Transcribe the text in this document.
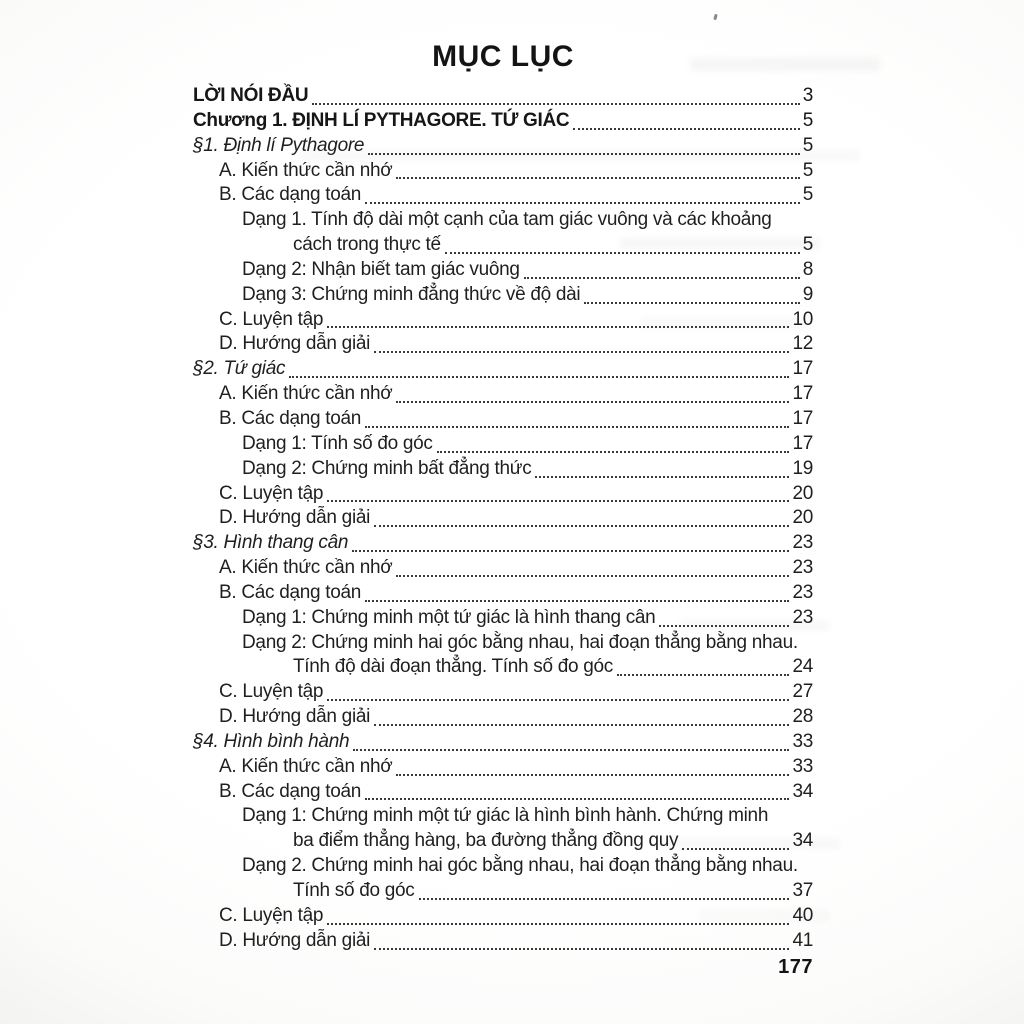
MỤC LỤC
LỜI NÓI ĐẦU	3
Chương 1. ĐỊNH LÍ PYTHAGORE. TỨ GIÁC	5
§1. Định lí Pythagore	5
A. Kiến thức cần nhớ	5
B. Các dạng toán	5
Dạng 1. Tính độ dài một cạnh của tam giác vuông và các khoảng
cách trong thực tế	5
Dạng 2: Nhận biết tam giác vuông	8
Dạng 3: Chứng minh đẳng thức về độ dài	9
C. Luyện tập	10
D. Hướng dẫn giải	12
§2. Tứ giác	17
A. Kiến thức cần nhớ	17
B. Các dạng toán	17
Dạng 1: Tính số đo góc	17
Dạng 2: Chứng minh bất đẳng thức	19
C. Luyện tập	20
D. Hướng dẫn giải	20
§3. Hình thang cân	23
A. Kiến thức cần nhớ	23
B. Các dạng toán	23
Dạng 1: Chứng minh một tứ giác là hình thang cân	23
Dạng 2: Chứng minh hai góc bằng nhau, hai đoạn thẳng bằng nhau.
Tính độ dài đoạn thẳng. Tính số đo góc	24
C. Luyện tập	27
D. Hướng dẫn giải	28
§4. Hình bình hành	33
A. Kiến thức cần nhớ	33
B. Các dạng toán	34
Dạng 1: Chứng minh một tứ giác là hình bình hành. Chứng minh
ba điểm thẳng hàng, ba đường thẳng đồng quy	34
Dạng 2. Chứng minh hai góc bằng nhau, hai đoạn thẳng bằng nhau.
Tính số đo góc	37
C. Luyện tập	40
D. Hướng dẫn giải	41
177
